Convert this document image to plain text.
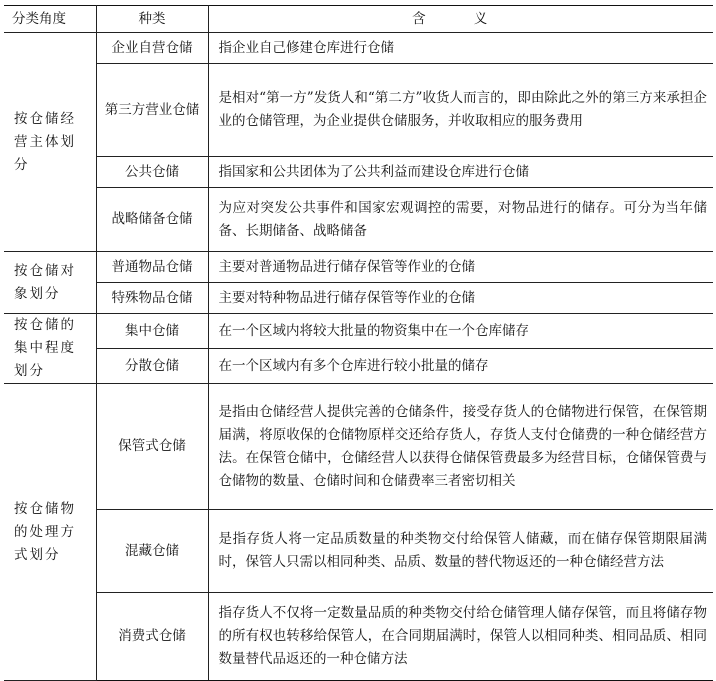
分类角度	种类	含 义
按仓储经营主体划分	企业自营仓储	指企业自己修建仓库进行仓储
	第三方营业仓储	是相对“第一方”发货人和“第二方”收货人而言的，即由除此之外的第三方来承担企业的仓储管理，为企业提供仓储服务，并收取相应的服务费用
	公共仓储	指国家和公共团体为了公共利益而建设仓库进行仓储
	战略储备仓储	为应对突发公共事件和国家宏观调控的需要，对物品进行的储存。可分为当年储备、长期储备、战略储备
按仓储对象划分	普通物品仓储	主要对普通物品进行储存保管等作业的仓储
	特殊物品仓储	主要对特种物品进行储存保管等作业的仓储
按仓储的集中程度划分	集中仓储	在一个区域内将较大批量的物资集中在一个仓库储存
	分散仓储	在一个区域内有多个仓库进行较小批量的储存
按仓储物的处理方式划分	保管式仓储	是指由仓储经营人提供完善的仓储条件，接受存货人的仓储物进行保管，在保管期届满，将原收保的仓储物原样交还给存货人，存货人支付仓储费的一种仓储经营方法。在保管仓储中，仓储经营人以获得仓储保管费最多为经营目标，仓储保管费与仓储物的数量、仓储时间和仓储费率三者密切相关
	混藏仓储	是指存货人将一定品质数量的种类物交付给保管人储藏，而在储存保管期限届满时，保管人只需以相同种类、品质、数量的替代物返还的一种仓储经营方法
	消费式仓储	指存货人不仅将一定数量品质的种类物交付给仓储管理人储存保管，而且将储存物的所有权也转移给保管人，在合同期届满时，保管人以相同种类、相同品质、相同数量替代品返还的一种仓储方法
